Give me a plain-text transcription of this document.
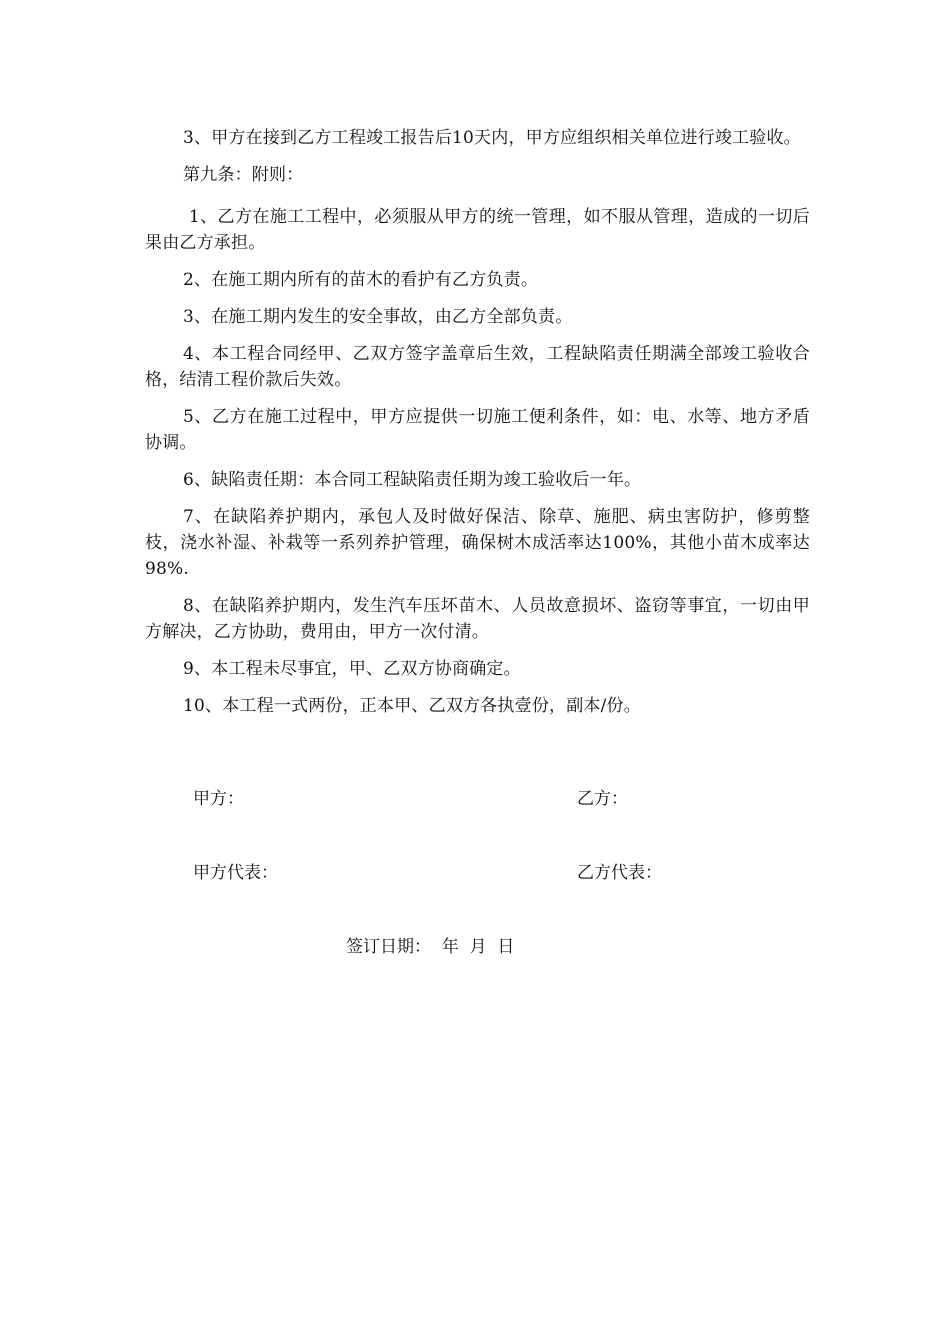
3、甲方在接到乙方工程竣工报告后10天内，甲方应组织相关单位进行竣工验收。

第九条：附则：

1、乙方在施工工程中，必须服从甲方的统一管理，如不服从管理，造成的一切后果由乙方承担。

2、在施工期内所有的苗木的看护有乙方负责。

3、在施工期内发生的安全事故，由乙方全部负责。

4、本工程合同经甲、乙双方签字盖章后生效，工程缺陷责任期满全部竣工验收合格，结清工程价款后失效。

5、乙方在施工过程中，甲方应提供一切施工便利条件，如：电、水等、地方矛盾协调。

6、缺陷责任期：本合同工程缺陷责任期为竣工验收后一年。

7、在缺陷养护期内，承包人及时做好保洁、除草、施肥、病虫害防护，修剪整枝，浇水补湿、补栽等一系列养护管理，确保树木成活率达100%，其他小苗木成率达98%.

8、在缺陷养护期内，发生汽车压坏苗木、人员故意损坏、盗窃等事宜，一切由甲方解决，乙方协助，费用由，甲方一次付清。

9、本工程未尽事宜，甲、乙双方协商确定。

10、本工程一式两份，正本甲、乙双方各执壹份，副本/份。

甲方：	乙方：
甲方代表：	乙方代表：
签订日期：  年  月  日
